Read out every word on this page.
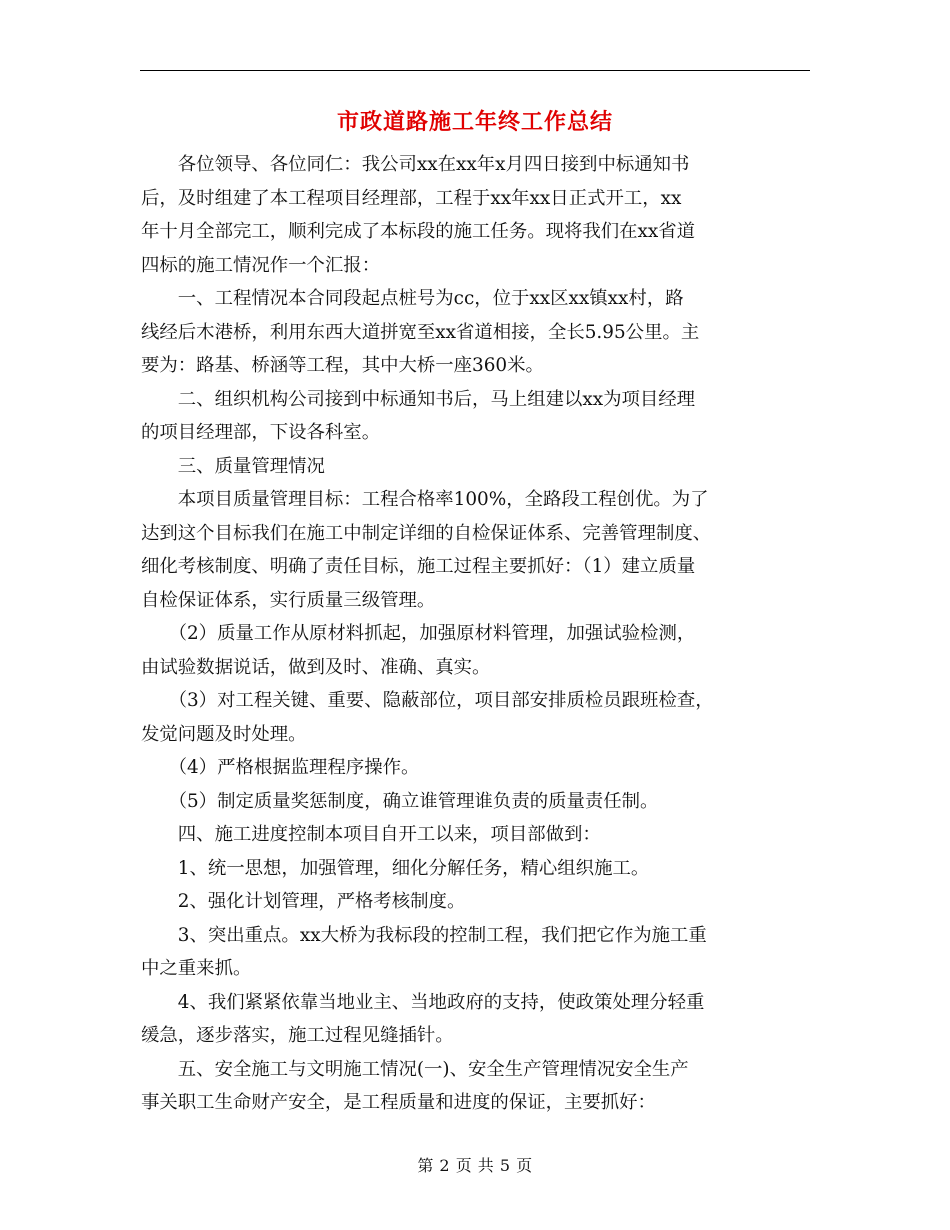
市政道路施工年终工作总结

　　各位领导、各位同仁：我公司xx在xx年x月四日接到中标通知书

后，及时组建了本工程项目经理部，工程于xx年xx日正式开工，xx

年十月全部完工，顺利完成了本标段的施工任务。现将我们在xx省道

四标的施工情况作一个汇报：

　　一、工程情况本合同段起点桩号为cc，位于xx区xx镇xx村，路

线经后木港桥，利用东西大道拼宽至xx省道相接，全长5.95公里。主

要为：路基、桥涵等工程，其中大桥一座360米。

　　二、组织机构公司接到中标通知书后，马上组建以xx为项目经理

的项目经理部，下设各科室。

　　三、质量管理情况

　　本项目质量管理目标：工程合格率100%，全路段工程创优。为了

达到这个目标我们在施工中制定详细的自检保证体系、完善管理制度、

细化考核制度、明确了责任目标，施工过程主要抓好：（1）建立质量

自检保证体系，实行质量三级管理。

　　（2）质量工作从原材料抓起，加强原材料管理，加强试验检测，

由试验数据说话，做到及时、准确、真实。

　　（3）对工程关键、重要、隐蔽部位，项目部安排质检员跟班检查，

发觉问题及时处理。

　　（4）严格根据监理程序操作。

　　（5）制定质量奖惩制度，确立谁管理谁负责的质量责任制。

　　四、施工进度控制本项目自开工以来，项目部做到：

　　1、统一思想，加强管理，细化分解任务，精心组织施工。

　　2、强化计划管理，严格考核制度。

　　3、突出重点。xx大桥为我标段的控制工程，我们把它作为施工重

中之重来抓。

　　4、我们紧紧依靠当地业主、当地政府的支持，使政策处理分轻重

缓急，逐步落实，施工过程见缝插针。

　　五、安全施工与文明施工情况(一)、安全生产管理情况安全生产

事关职工生命财产安全，是工程质量和进度的保证，主要抓好：

第 2 页 共 5 页
